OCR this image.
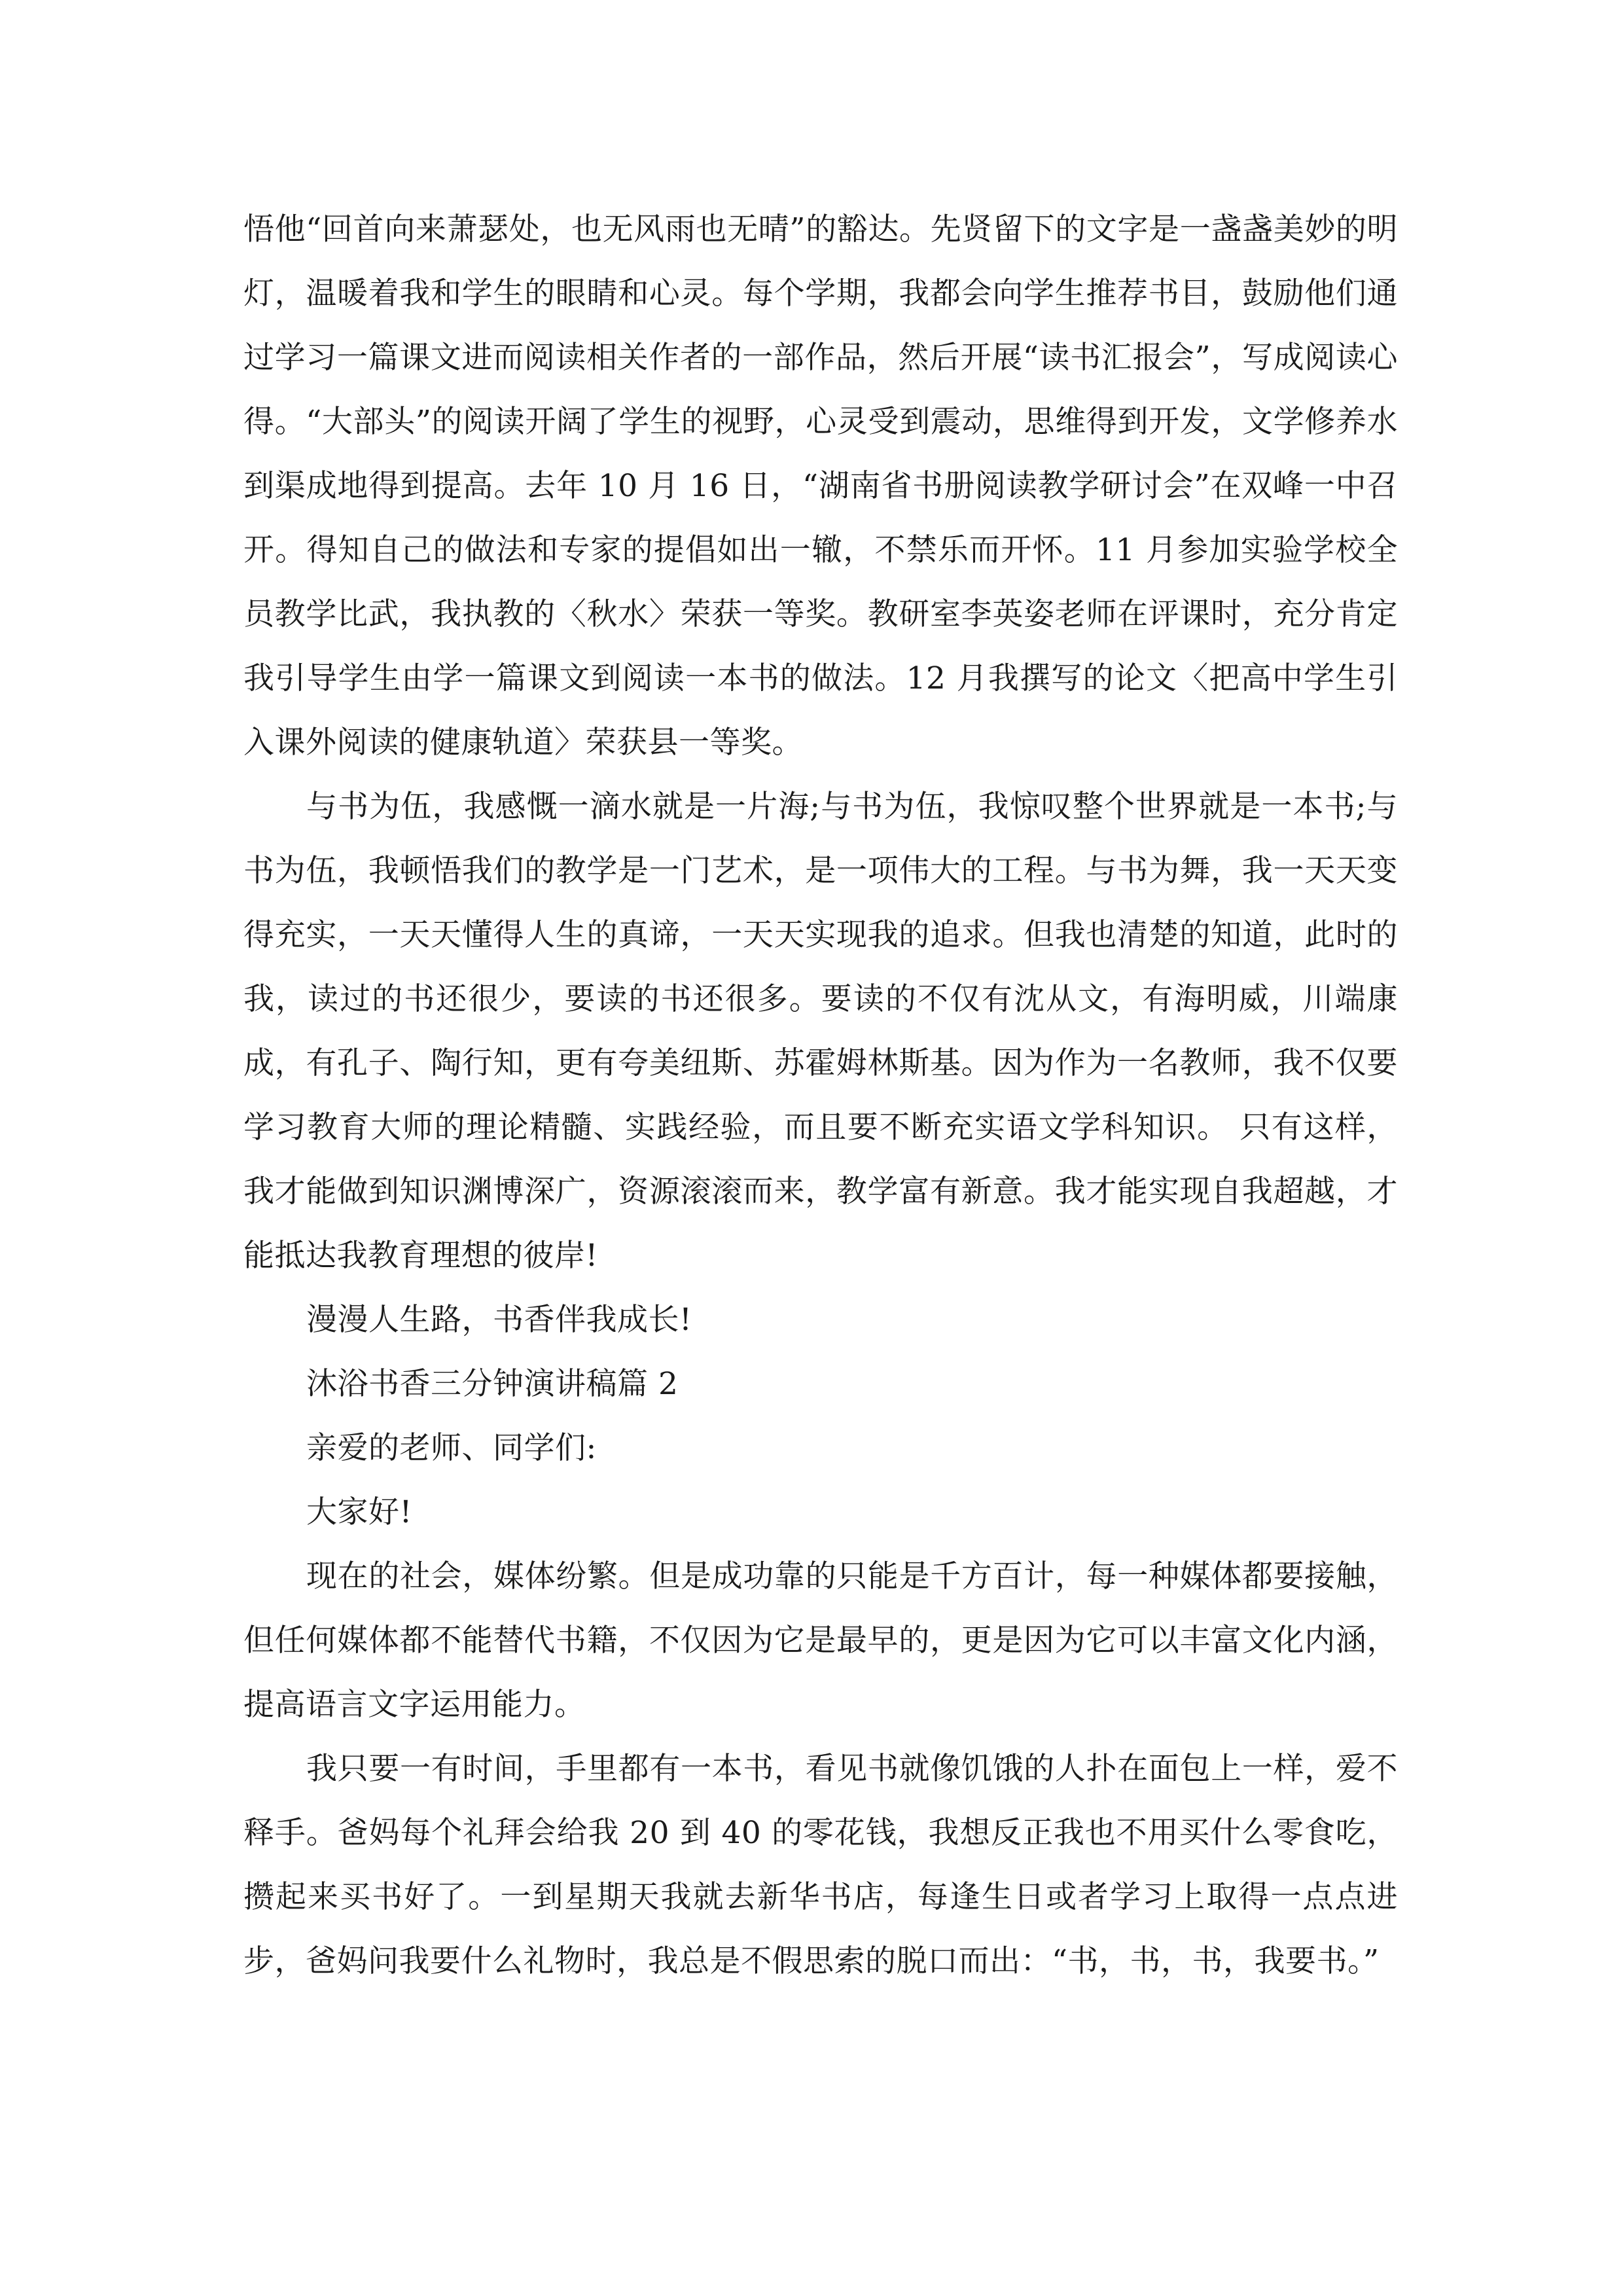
悟他“回首向来萧瑟处，也无风雨也无晴”的豁达。先贤留下的文字是一盏盏美妙的明灯，温暖着我和学生的眼睛和心灵。每个学期，我都会向学生推荐书目，鼓励他们通过学习一篇课文进而阅读相关作者的一部作品，然后开展“读书汇报会”，写成阅读心得。“大部头”的阅读开阔了学生的视野，心灵受到震动，思维得到开发，文学修养水到渠成地得到提高。去年 10 月 16 日，“湖南省书册阅读教学研讨会”在双峰一中召开。得知自己的做法和专家的提倡如出一辙，不禁乐而开怀。11 月参加实验学校全员教学比武，我执教的〈秋水〉荣获一等奖。教研室李英姿老师在评课时，充分肯定我引导学生由学一篇课文到阅读一本书的做法。12 月我撰写的论文〈把高中学生引入课外阅读的健康轨道〉荣获县一等奖。

与书为伍，我感慨一滴水就是一片海;与书为伍，我惊叹整个世界就是一本书;与书为伍，我顿悟我们的教学是一门艺术，是一项伟大的工程。与书为舞，我一天天变得充实，一天天懂得人生的真谛，一天天实现我的追求。但我也清楚的知道，此时的我，读过的书还很少，要读的书还很多。要读的不仅有沈从文，有海明威，川端康成，有孔子、陶行知，更有夸美纽斯、苏霍姆林斯基。因为作为一名教师，我不仅要学习教育大师的理论精髓、实践经验，而且要不断充实语文学科知识。 只有这样，我才能做到知识渊博深广，资源滚滚而来，教学富有新意。我才能实现自我超越，才能抵达我教育理想的彼岸!

漫漫人生路，书香伴我成长!

沐浴书香三分钟演讲稿篇 2

亲爱的老师、同学们:

大家好!

现在的社会，媒体纷繁。但是成功靠的只能是千方百计，每一种媒体都要接触，但任何媒体都不能替代书籍，不仅因为它是最早的，更是因为它可以丰富文化内涵，提高语言文字运用能力。

我只要一有时间，手里都有一本书，看见书就像饥饿的人扑在面包上一样，爱不释手。爸妈每个礼拜会给我 20 到 40 的零花钱，我想反正我也不用买什么零食吃，攒起来买书好了。一到星期天我就去新华书店，每逢生日或者学习上取得一点点进步，爸妈问我要什么礼物时，我总是不假思索的脱口而出：“书，书，书，我要书。”
